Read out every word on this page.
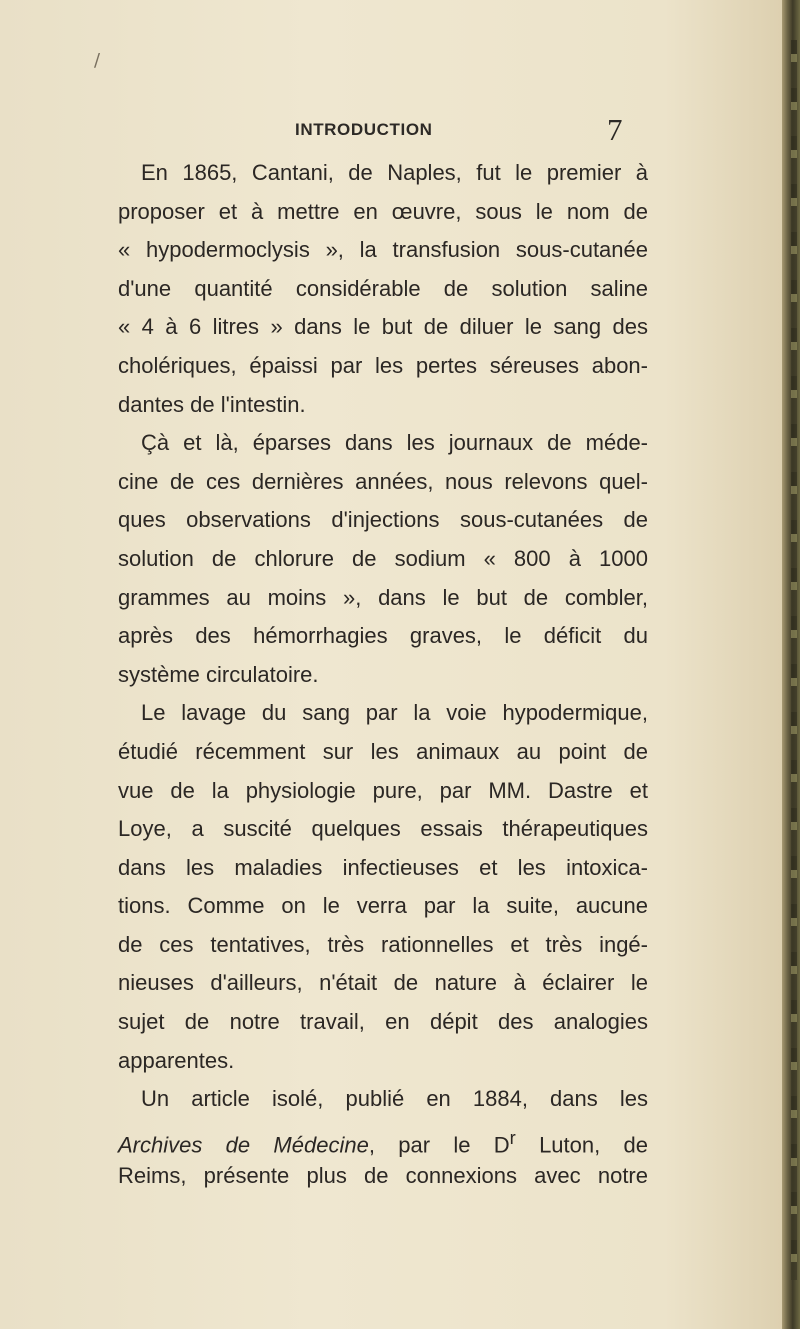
/
INTRODUCTION	7
En 1865, Cantani, de Naples, fut le premier à
proposer et à mettre en œuvre, sous le nom de
« hypodermoclysis », la transfusion sous-cutanée
d'une quantité considérable de solution saline
« 4 à 6 litres » dans le but de diluer le sang des
cholériques, épaissi par les pertes séreuses abon-
dantes de l'intestin.
Çà et là, éparses dans les journaux de méde-
cine de ces dernières années, nous relevons quel-
ques observations d'injections sous-cutanées de
solution de chlorure de sodium « 800 à 1000
grammes au moins », dans le but de combler,
après des hémorrhagies graves, le déficit du
système circulatoire.
Le lavage du sang par la voie hypodermique,
étudié récemment sur les animaux au point de
vue de la physiologie pure, par MM. Dastre et
Loye, a suscité quelques essais thérapeutiques
dans les maladies infectieuses et les intoxica-
tions. Comme on le verra par la suite, aucune
de ces tentatives, très rationnelles et très ingé-
nieuses d'ailleurs, n'était de nature à éclairer le
sujet de notre travail, en dépit des analogies
apparentes.
Un article isolé, publié en 1884, dans les
Archives de Médecine, par le $D^r$ Luton, de
Reims, présente plus de connexions avec notre
